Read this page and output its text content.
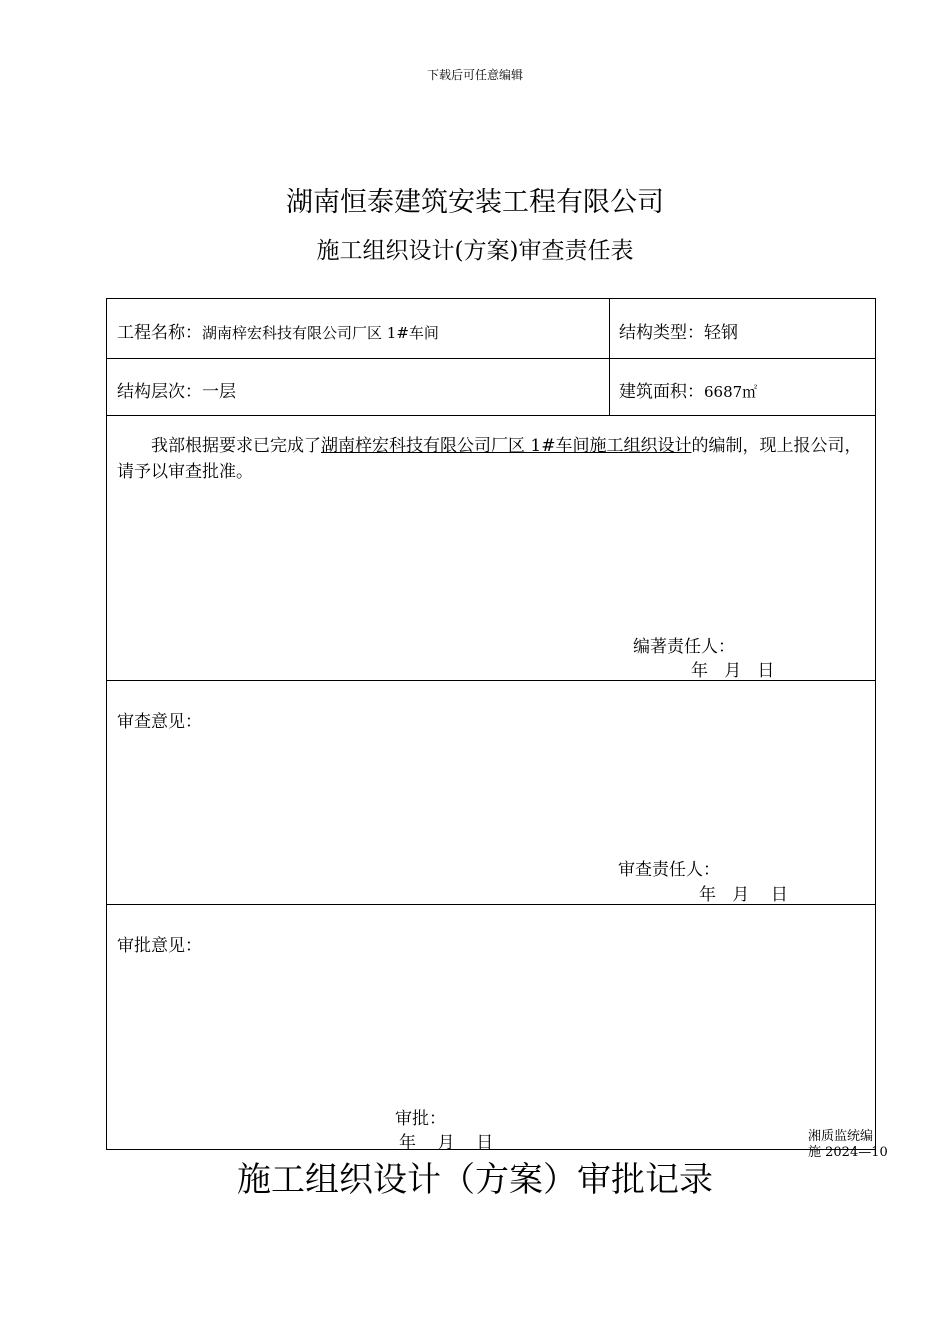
下载后可任意编辑
湖南恒泰建筑安装工程有限公司
施工组织设计(方案)审查责任表
工程名称：湖南梓宏科技有限公司厂区 1#车间	结构类型：轻钢
结构层次：一层	建筑面积：6687㎡
我部根据要求已完成了湖南梓宏科技有限公司厂区 1#车间施工组织设计的编制，现上报公司，请予以审查批准。
编著责任人：
年   月   日
审查意见：
审查责任人：
年   月    日
审批意见：
审批：
年    月    日	湘质监统编
施 2024—10
施工组织设计（方案）审批记录
